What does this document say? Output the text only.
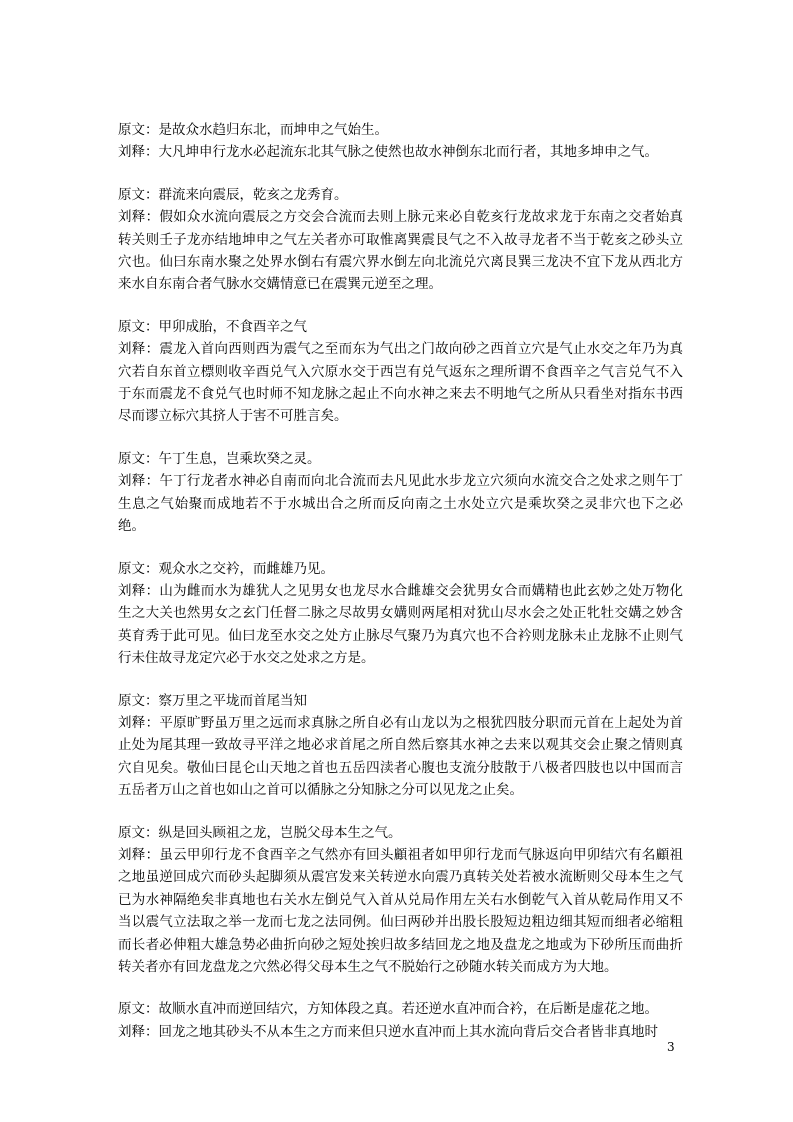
原文：是故众水趋归东北，而坤申之气始生。
刘释：大凡坤申行龙水必起流东北其气脉之使然也故水神倒东北而行者，其地多坤申之气。
原文：群流来向震辰，乾亥之龙秀育。
刘释：假如众水流向震辰之方交会合流而去则上脉元来必自乾亥行龙故求龙于东南之交者始真转关则壬子龙亦结地坤申之气左关者亦可取惟离巽震艮气之不入故寻龙者不当于乾亥之砂头立穴也。仙曰东南水聚之处界水倒右有震穴界水倒左向北流兑穴离艮巽三龙决不宜下龙从西北方来水自东南合者气脉水交媾情意已在震巽元逆至之理。
原文：甲卯成胎，不食酉辛之气
刘释：震龙入首向西则西为震气之至而东为气出之门故向砂之西首立穴是气止水交之年乃为真穴若自东首立標则收辛酉兑气入穴原水交于西岂有兑气返东之理所谓不食酉辛之气言兑气不入于东而震龙不食兑气也时师不知龙脉之起止不向水神之来去不明地气之所从只看坐对指东书西尽而谬立标穴其挤人于害不可胜言矣。
原文：午丁生息，岂乘坎癸之灵。
刘释：午丁行龙者水神必自南而向北合流而去凡见此水步龙立穴须向水流交合之处求之则午丁生息之气始聚而成地若不于水城出合之所而反向南之土水处立穴是乘坎癸之灵非穴也下之必绝。
原文：观众水之交衿，而雌雄乃见。
刘释：山为雌而水为雄犹人之见男女也龙尽水合雌雄交会犹男女合而媾精也此玄妙之处万物化生之大关也然男女之玄门任督二脉之尽故男女媾则两尾相对犹山尽水会之处正牝牡交媾之妙含英育秀于此可见。仙曰龙至水交之处方止脉尽气聚乃为真穴也不合衿则龙脉未止龙脉不止则气行未住故寻龙定穴必于水交之处求之方是。
原文：察万里之平垅而首尾当知
刘释：平原旷野虽万里之远而求真脉之所自必有山龙以为之根犹四肢分职而元首在上起处为首止处为尾其理一致故寻平洋之地必求首尾之所自然后察其水神之去来以观其交会止聚之情则真穴自见矣。敬仙曰昆仑山天地之首也五岳四渎者心腹也支流分肢散于八极者四肢也以中国而言五岳者万山之首也如山之首可以循脉之分知脉之分可以见龙之止矣。
原文：纵是回头顾祖之龙，岂脱父母本生之气。
刘释：虽云甲卯行龙不食酉辛之气然亦有回头顧祖者如甲卯行龙而气脉返向甲卯结穴有名顧祖之地虽逆回成穴而砂头起脚须从震宫发来关转逆水向震乃真转关处若被水流断则父母本生之气已为水神隔绝矣非真地也右关水左倒兑气入首从兑局作用左关右水倒乾气入首从乾局作用又不当以震气立法取之举一龙而七龙之法同例。仙曰两砂并出股长股短边粗边细其短而细者必缩粗而长者必伸粗大雄急势必曲折向砂之短处挨归故多结回龙之地及盘龙之地或为下砂所压而曲折转关者亦有回龙盘龙之穴然必得父母本生之气不脱始行之砂随水转关而成方为大地。
原文：故顺水直冲而逆回结穴，方知体段之真。若还逆水直冲而合衿，在后断是虚花之地。
刘释：回龙之地其砂头不从本生之方而来但只逆水直冲而上其水流向背后交合者皆非真地时
3
